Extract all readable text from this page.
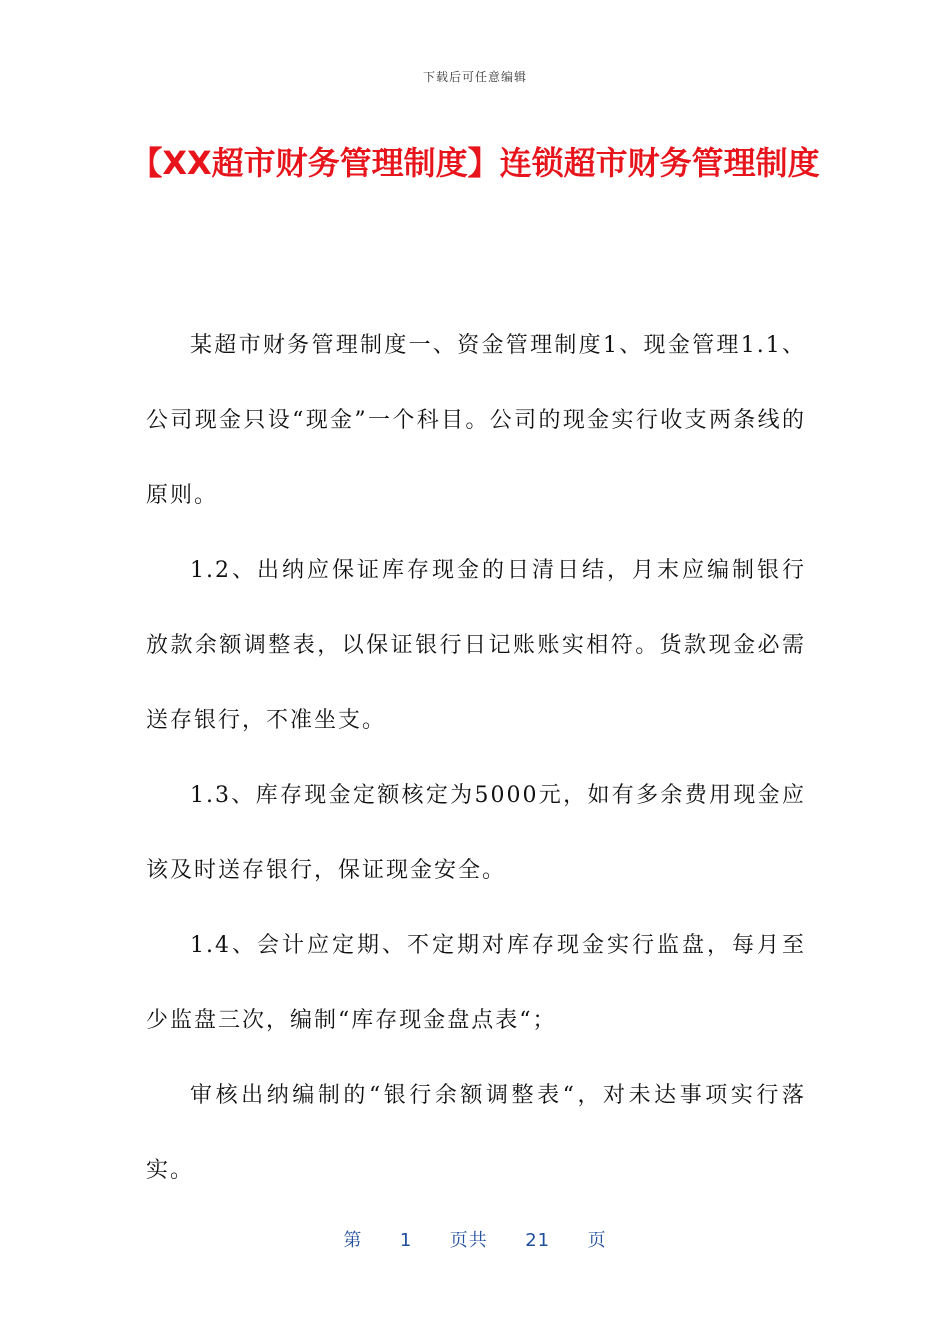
下载后可任意编辑
【XX超市财务管理制度】连锁超市财务管理制度

某超市财务管理制度一、资金管理制度1、现金管理1.1、公司现金只设“现金”一个科目。公司的现金实行收支两条线的原则。

1.2、出纳应保证库存现金的日清日结，月末应编制银行放款余额调整表，以保证银行日记账账实相符。货款现金必需送存银行，不准坐支。

1.3、库存现金定额核定为5000元，如有多余费用现金应该及时送存银行，保证现金安全。

1.4、会计应定期、不定期对库存现金实行监盘，每月至少监盘三次，编制“库存现金盘点表“；

审核出纳编制的“银行余额调整表“，对未达事项实行落实。

第 1 页共 21 页
